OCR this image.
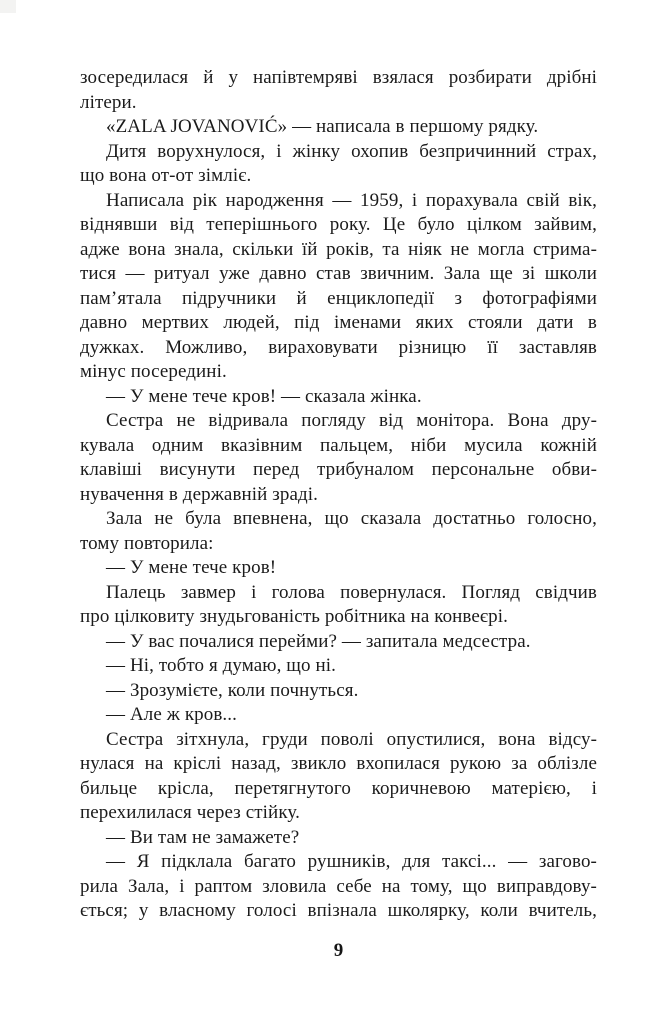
зосередилася й у напівтемряві взялася розбирати дрібні
літери.

«ZALA JOVANOVIĆ» — написала в першому рядку.

Дитя ворухнулося, і жінку охопив безпричинний страх,
що вона от-от зімліє.

Написала рік народження — 1959, і порахувала свій вік,
віднявши від теперішнього року. Це було цілком зайвим,
адже вона знала, скільки їй років, та ніяк не могла стрима-
тися — ритуал уже давно став звичним. Зала ще зі школи
пам’ятала підручники й енциклопедії з фотографіями
давно мертвих людей, під іменами яких стояли дати в
дужках. Можливо, вираховувати різницю її заставляв
мінус посередині.

— У мене тече кров! — сказала жінка.

Сестра не відривала погляду від монітора. Вона дру-
кувала одним вказівним пальцем, ніби мусила кожній
клавіші висунути перед трибуналом персональне обви-
нувачення в державній зраді.

Зала не була впевнена, що сказала достатньо голосно,
тому повторила:

— У мене тече кров!

Палець завмер і голова повернулася. Погляд свідчив
про цілковиту знудьгованість робітника на конвеєрі.

— У вас почалися перейми? — запитала медсестра.

— Ні, тобто я думаю, що ні.

— Зрозумієте, коли почнуться.

— Але ж кров...

Сестра зітхнула, груди поволі опустилися, вона відсу-
нулася на кріслі назад, звикло вхопилася рукою за облізле
бильце крісла, перетягнутого коричневою матерією, і
перехилилася через стійку.

— Ви там не замажете?

— Я підклала багато рушників, для таксі... — загово-
рила Зала, і раптом зловила себе на тому, що виправдову-
ється; у власному голосі впізнала школярку, коли вчитель,

9
